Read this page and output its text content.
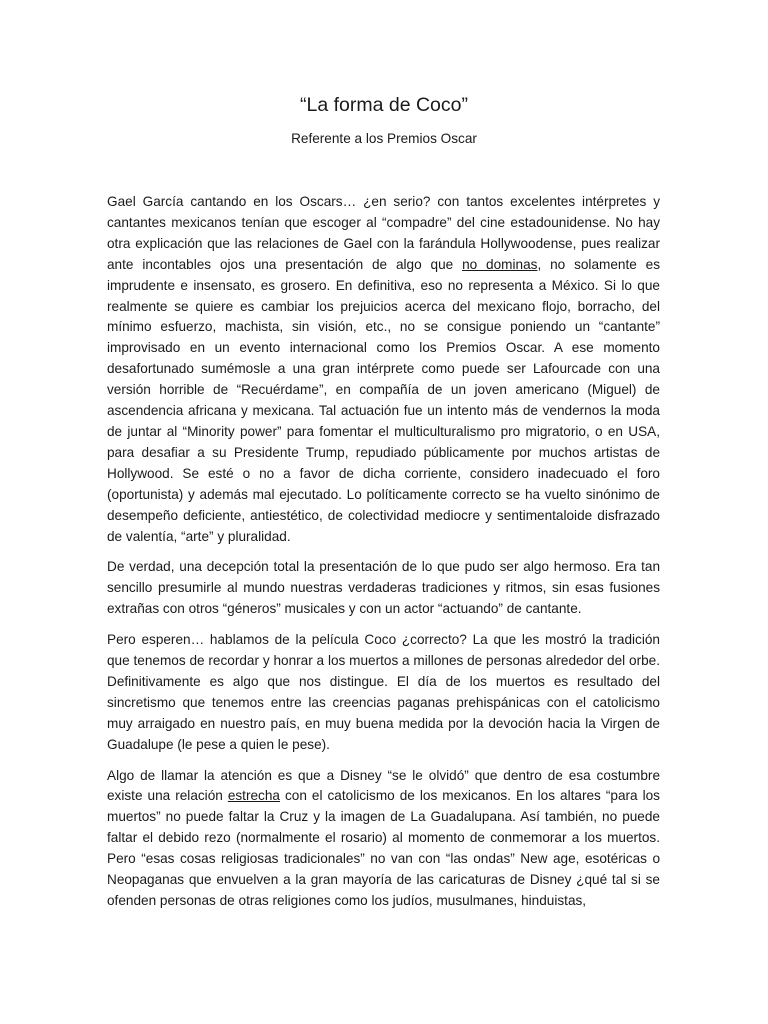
“La forma de Coco”
Referente a los Premios Oscar

Gael García cantando en los Oscars… ¿en serio? con tantos excelentes intérpretes y cantantes mexicanos tenían que escoger al “compadre” del cine estadounidense. No hay otra explicación que las relaciones de Gael con la farándula Hollywoodense, pues realizar ante incontables ojos una presentación de algo que no dominas, no solamente es imprudente e insensato, es grosero. En definitiva, eso no representa a México. Si lo que realmente se quiere es cambiar los prejuicios acerca del mexicano flojo, borracho, del mínimo esfuerzo, machista, sin visión, etc., no se consigue poniendo un “cantante” improvisado en un evento internacional como los Premios Oscar. A ese momento desafortunado sumémosle a una gran intérprete como puede ser Lafourcade con una versión horrible de “Recuérdame”, en compañía de un joven americano (Miguel) de ascendencia africana y mexicana. Tal actuación fue un intento más de vendernos la moda de juntar al “Minority power” para fomentar el multiculturalismo pro migratorio, o en USA, para desafiar a su Presidente Trump, repudiado públicamente por muchos artistas de Hollywood. Se esté o no a favor de dicha corriente, considero inadecuado el foro (oportunista) y además mal ejecutado. Lo políticamente correcto se ha vuelto sinónimo de desempeño deficiente, antiestético, de colectividad mediocre y sentimentaloide disfrazado de valentía, “arte” y pluralidad.

De verdad, una decepción total la presentación de lo que pudo ser algo hermoso. Era tan sencillo presumirle al mundo nuestras verdaderas tradiciones y ritmos, sin esas fusiones extrañas con otros “géneros” musicales y con un actor “actuando” de cantante.

Pero esperen… hablamos de la película Coco ¿correcto? La que les mostró la tradición que tenemos de recordar y honrar a los muertos a millones de personas alrededor del orbe. Definitivamente es algo que nos distingue. El día de los muertos es resultado del sincretismo que tenemos entre las creencias paganas prehispánicas con el catolicismo muy arraigado en nuestro país, en muy buena medida por la devoción hacia la Virgen de Guadalupe (le pese a quien le pese).

Algo de llamar la atención es que a Disney “se le olvidó” que dentro de esa costumbre existe una relación estrecha con el catolicismo de los mexicanos. En los altares “para los muertos” no puede faltar la Cruz y la imagen de La Guadalupana. Así también, no puede faltar el debido rezo (normalmente el rosario) al momento de conmemorar a los muertos. Pero “esas cosas religiosas tradicionales” no van con “las ondas” New age, esotéricas o Neopaganas que envuelven a la gran mayoría de las caricaturas de Disney ¿qué tal si se ofenden personas de otras religiones como los judíos, musulmanes, hinduistas,
